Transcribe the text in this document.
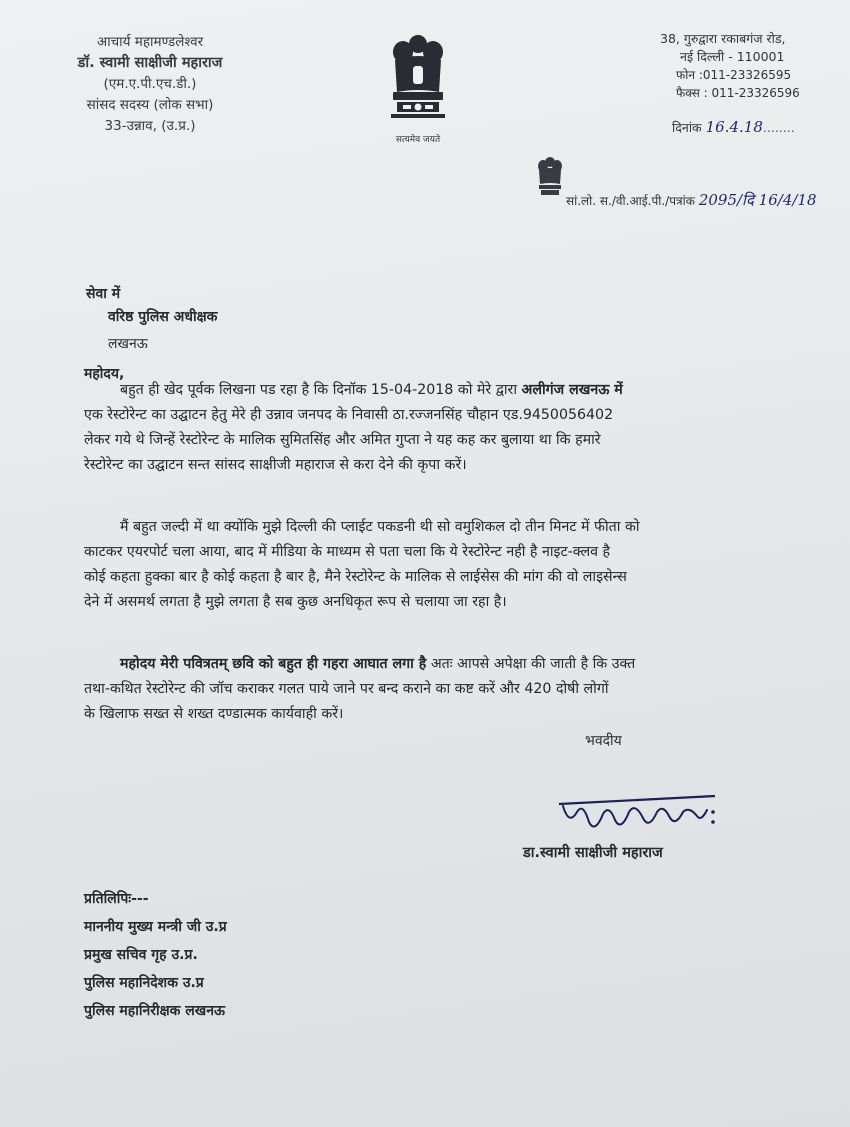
आचार्य महामण्डलेश्वर
डॉ. स्वामी साक्षीजी महाराज
(एम.ए.पी.एच.डी.)
सांसद सदस्य (लोक सभा)
33-उन्नाव, (उ.प्र.)
सत्यमेव जयते
38, गुरुद्वारा रकाबगंज रोड,
नई दिल्ली - 110001
फोन :011-23326595
फैक्स : 011-23326596
दिनांक 16.4.18........
सां.लो. स./वी.आई.पी./पत्रांक 2095/दि 16/4/18
सेवा में
वरिष्ठ पुलिस अधीक्षक
लखनऊ
महोदय,
बहुत ही खेद पूर्वक लिखना पड रहा है कि दिनॉक 15-04-2018 को मेरे द्वारा अलीगंज लखनऊ में
एक रेस्टोरेन्ट का उद्घाटन हेतु मेरे ही उन्नाव जनपद के निवासी ठा.रज्जनसिंह चौहान एड.9450056402
लेकर गये थे जिन्हें रेस्टोरेन्ट के मालिक सुमितसिंह और अमित गुप्ता ने यह कह कर बुलाया था कि हमारे
रेस्टोरेन्ट का उद्घाटन सन्त सांसद साक्षीजी महाराज से करा देने की कृपा करें।
मैं बहुत जल्दी में था क्योंकि मुझे दिल्ली की प्लाईट पकडनी थी सो वमुशिकल दो तीन मिनट में फीता को
काटकर एयरपोर्ट चला आया, बाद में मीडिया के माध्यम से पता चला कि ये रेस्टोरेन्ट नही है नाइट-क्लव है
कोई कहता हुक्का बार है कोई कहता है बार है, मैने रेस्टोरेन्ट के मालिक से लाईसेस की मांग की वो लाइसेन्स
देने में असमर्थ लगता है मुझे लगता है सब कुछ अनधिकृत रूप से चलाया जा रहा है।
महोदय मेरी पवित्रतम् छवि को बहुत ही गहरा आघात लगा है अतः आपसे अपेक्षा की जाती है कि उक्त
तथा-कथित रेस्टोरेन्ट की जॉच कराकर गलत पाये जाने पर बन्द कराने का कष्ट करें और 420 दोषी लोगों
के खिलाफ सख्त से शख्त दण्डात्मक कार्यवाही करें।
भवदीय
डा.स्वामी साक्षीजी महाराज
प्रतिलिपिः---
माननीय मुख्य मन्त्री जी उ.प्र
प्रमुख सचिव गृह उ.प्र.
पुलिस महानिदेशक उ.प्र
पुलिस महानिरीक्षक लखनऊ
